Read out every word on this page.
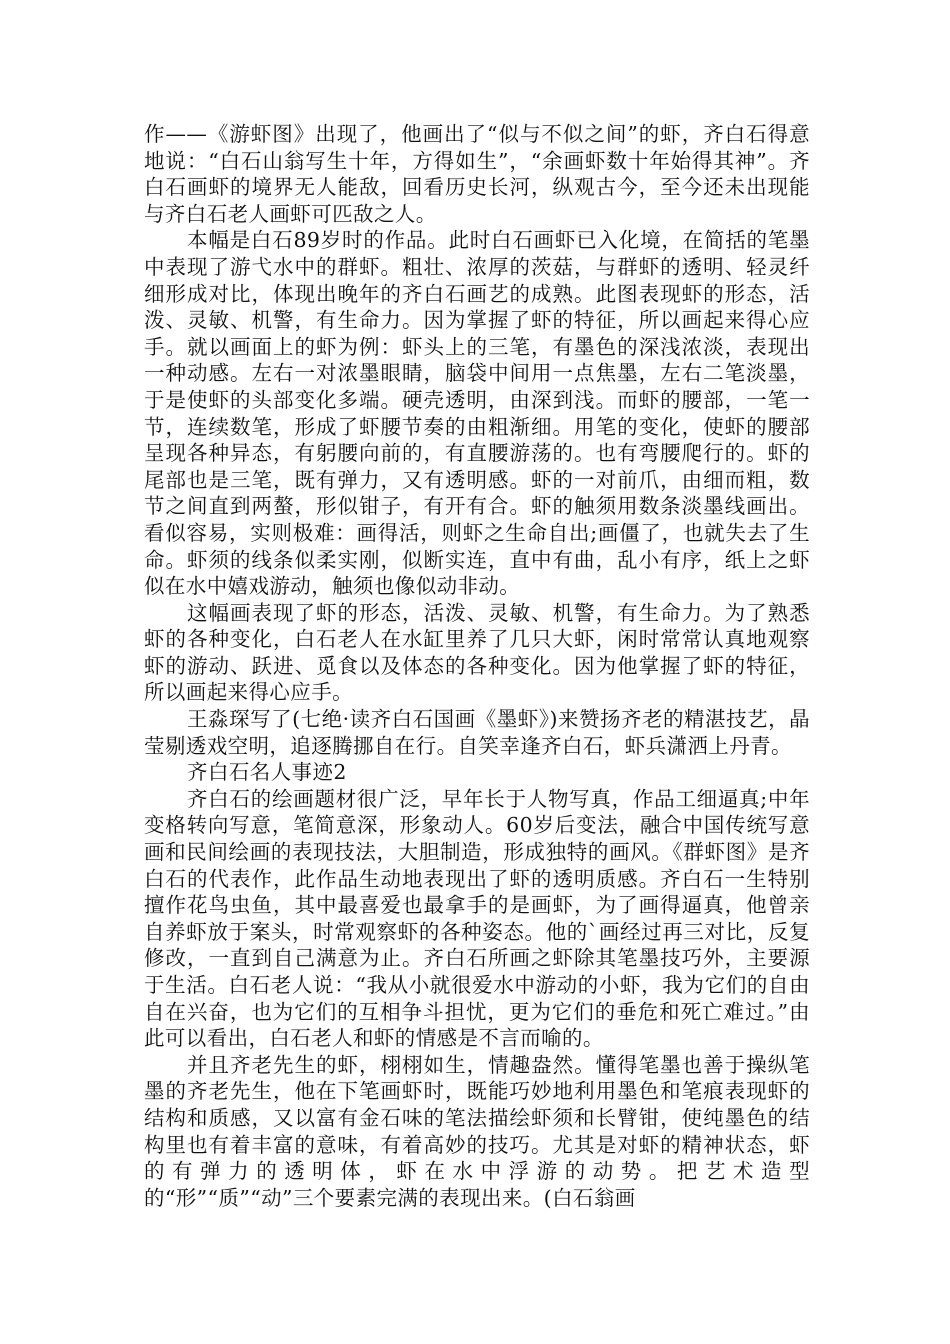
作——《游虾图》出现了，他画出了“似与不似之间”的虾，齐白石得意地说：“白石山翁写生十年，方得如生”，“余画虾数十年始得其神”。齐白石画虾的境界无人能敌，回看历史长河，纵观古今，至今还未出现能与齐白石老人画虾可匹敌之人。

本幅是白石89岁时的作品。此时白石画虾已入化境，在简括的笔墨中表现了游弋水中的群虾。粗壮、浓厚的茨菇，与群虾的透明、轻灵纤细形成对比，体现出晚年的齐白石画艺的成熟。此图表现虾的形态，活泼、灵敏、机警，有生命力。因为掌握了虾的特征，所以画起来得心应手。就以画面上的虾为例：虾头上的三笔，有墨色的深浅浓淡，表现出一种动感。左右一对浓墨眼睛，脑袋中间用一点焦墨，左右二笔淡墨，于是使虾的头部变化多端。硬壳透明，由深到浅。而虾的腰部，一笔一节，连续数笔，形成了虾腰节奏的由粗渐细。用笔的变化，使虾的腰部呈现各种异态，有躬腰向前的，有直腰游荡的。也有弯腰爬行的。虾的尾部也是三笔，既有弹力，又有透明感。虾的一对前爪，由细而粗，数节之间直到两螯，形似钳子，有开有合。虾的触须用数条淡墨线画出。看似容易，实则极难：画得活，则虾之生命自出;画僵了，也就失去了生命。虾须的线条似柔实刚，似断实连，直中有曲，乱小有序，纸上之虾似在水中嬉戏游动，触须也像似动非动。

这幅画表现了虾的形态，活泼、灵敏、机警，有生命力。为了熟悉虾的各种变化，白石老人在水缸里养了几只大虾，闲时常常认真地观察虾的游动、跃进、觅食以及体态的各种变化。因为他掌握了虾的特征，所以画起来得心应手。

王淼琛写了(七绝·读齐白石国画《墨虾》)来赞扬齐老的精湛技艺，晶莹剔透戏空明，追逐腾挪自在行。自笑幸逢齐白石，虾兵潇洒上丹青。

齐白石名人事迹2

齐白石的绘画题材很广泛，早年长于人物写真，作品工细逼真;中年变格转向写意，笔简意深，形象动人。60岁后变法，融合中国传统写意画和民间绘画的表现技法，大胆制造，形成独特的画风。《群虾图》是齐白石的代表作，此作品生动地表现出了虾的透明质感。齐白石一生特别擅作花鸟虫鱼，其中最喜爱也最拿手的是画虾，为了画得逼真，他曾亲自养虾放于案头，时常观察虾的各种姿态。他的`画经过再三对比，反复修改，一直到自己满意为止。齐白石所画之虾除其笔墨技巧外，主要源于生活。白石老人说：“我从小就很爱水中游动的小虾，我为它们的自由自在兴奋，也为它们的互相争斗担忧，更为它们的垂危和死亡难过。”由此可以看出，白石老人和虾的情感是不言而喻的。

并且齐老先生的虾，栩栩如生，情趣盎然。懂得笔墨也善于操纵笔墨的齐老先生，他在下笔画虾时，既能巧妙地利用墨色和笔痕表现虾的结构和质感，又以富有金石味的笔法描绘虾须和长臂钳，使纯墨色的结构里也有着丰富的意味，有着高妙的技巧。尤其是对虾的精神状态，虾的有弹力的透明体，虾在水中浮游的动势。把艺术造型的“形”“质”“动”三个要素完满的表现出来。(白石翁画
